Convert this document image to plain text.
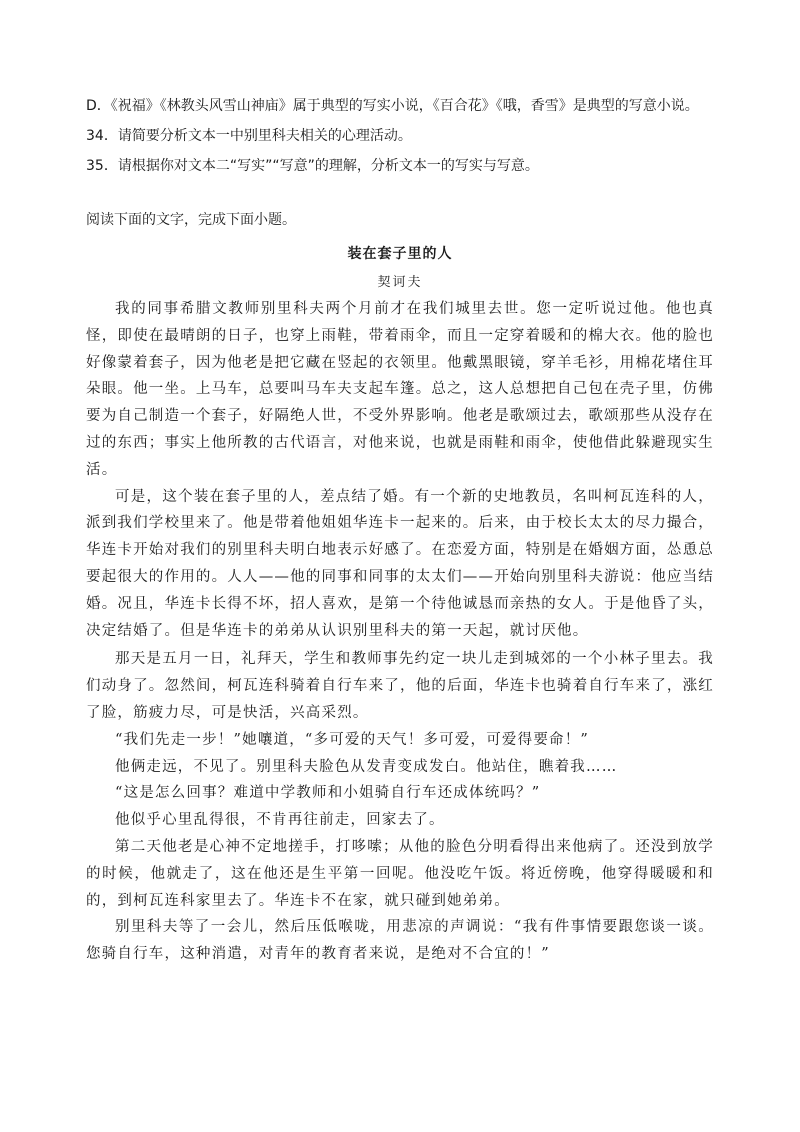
D．《祝福》《林教头风雪山神庙》属于典型的写实小说，《百合花》《哦，香雪》是典型的写意小说。
34．请简要分析文本一中别里科夫相关的心理活动。
35．请根据你对文本二“写实”“写意”的理解，分析文本一的写实与写意。
阅读下面的文字，完成下面小题。
装在套子里的人
契诃夫

我的同事希腊文教师别里科夫两个月前才在我们城里去世。您一定听说过他。他也真怪，即使在最晴朗的日子，也穿上雨鞋，带着雨伞，而且一定穿着暖和的棉大衣。他的脸也好像蒙着套子，因为他老是把它藏在竖起的衣领里。他戴黑眼镜，穿羊毛衫，用棉花堵住耳朵眼。他一坐。上马车，总要叫马车夫支起车篷。总之，这人总想把自己包在壳子里，仿佛要为自己制造一个套子，好隔绝人世，不受外界影响。他老是歌颂过去，歌颂那些从没存在过的东西；事实上他所教的古代语言，对他来说，也就是雨鞋和雨伞，使他借此躲避现实生活。

可是，这个装在套子里的人，差点结了婚。有一个新的史地教员，名叫柯瓦连科的人，派到我们学校里来了。他是带着他姐姐华连卡一起来的。后来，由于校长太太的尽力撮合，华连卡开始对我们的别里科夫明白地表示好感了。在恋爱方面，特别是在婚姻方面，怂恿总要起很大的作用的。人人——他的同事和同事的太太们——开始向别里科夫游说：他应当结婚。况且，华连卡长得不坏，招人喜欢，是第一个待他诚恳而亲热的女人。于是他昏了头，决定结婚了。但是华连卡的弟弟从认识别里科夫的第一天起，就讨厌他。

那天是五月一日，礼拜天，学生和教师事先约定一块儿走到城郊的一个小林子里去。我们动身了。忽然间，柯瓦连科骑着自行车来了，他的后面，华连卡也骑着自行车来了，涨红了脸，筋疲力尽，可是快活，兴高采烈。

“我们先走一步！”她嚷道，“多可爱的天气！多可爱，可爱得要命！”

他俩走远，不见了。别里科夫脸色从发青变成发白。他站住，瞧着我……

“这是怎么回事？难道中学教师和小姐骑自行车还成体统吗？”

他似乎心里乱得很，不肯再往前走，回家去了。

第二天他老是心神不定地搓手，打哆嗦；从他的脸色分明看得出来他病了。还没到放学的时候，他就走了，这在他还是生平第一回呢。他没吃午饭。将近傍晚，他穿得暖暖和和的，到柯瓦连科家里去了。华连卡不在家，就只碰到她弟弟。

别里科夫等了一会儿，然后压低喉咙，用悲凉的声调说：“我有件事情要跟您谈一谈。您骑自行车，这种消遣，对青年的教育者来说，是绝对不合宜的！”
